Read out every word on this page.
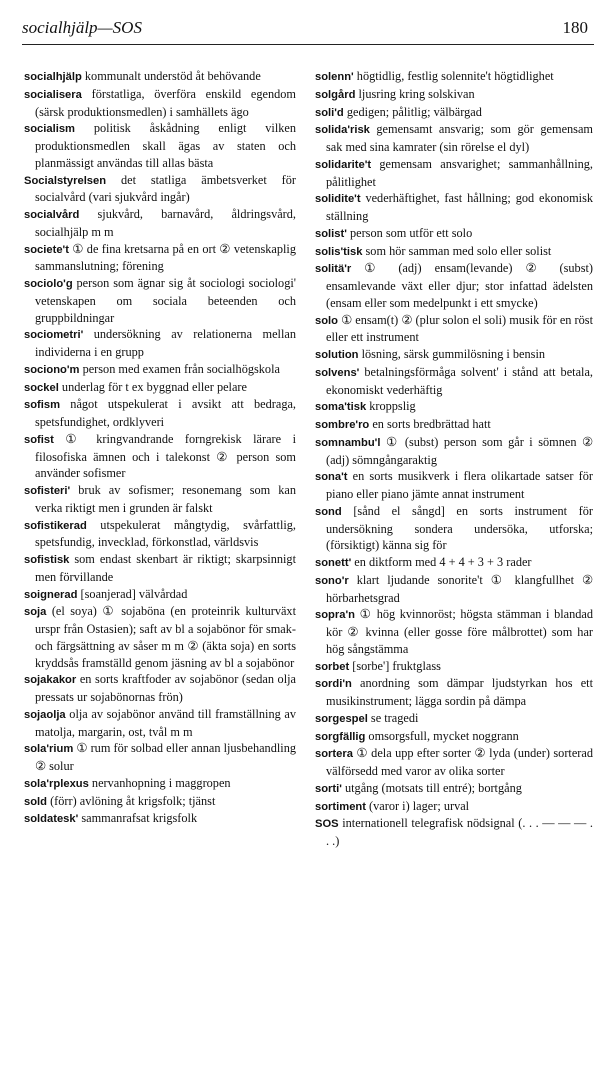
socialhjälp—SOS	180

socialhjälp kommunalt understöd åt behövande

socialisera förstatliga, överföra enskild egendom (särsk produktionsmedlen) i samhällets ägo

socialism politisk åskådning enligt vilken produktionsmedlen skall ägas av staten och planmässigt användas till allas bästa

Socialstyrelsen det statliga ämbetsverket för socialvård (vari sjukvård ingår)

socialvård sjukvård, barnavård, åldringsvård, socialhjälp m m

societe't ① de fina kretsarna på en ort ② vetenskaplig sammanslutning; förening

sociolo'g person som ägnar sig åt sociologi sociologi' vetenskapen om sociala beteenden och gruppbildningar

sociometri' undersökning av relationerna mellan individerna i en grupp

sociono'm person med examen från socialhögskola

sockel underlag för t ex byggnad eller pelare

sofism något utspekulerat i avsikt att bedraga, spetsfundighet, ordklyveri

sofist ① kringvandrande forngrekisk lärare i filosofiska ämnen och i talekonst ② person som använder sofismer

sofisteri' bruk av sofismer; resonemang som kan verka riktigt men i grunden är falskt

sofistikerad utspekulerat mångtydig, svårfattlig, spetsfundig, invecklad, förkonstlad, världsvis

sofistisk som endast skenbart är riktigt; skarpsinnigt men förvillande

soignerad [soanjerad] välvårdad

soja (el soya) ① sojaböna (en proteinrik kulturväxt urspr från Ostasien); saft av bl a sojabönor för smak- och färgsättning av såser m m ② (äkta soja) en sorts kryddsås framställd genom jäsning av bl a sojabönor

sojakakor en sorts kraftfoder av sojabönor (sedan olja pressats ur sojabönornas frön)

sojaolja olja av sojabönor använd till framställning av matolja, margarin, ost, tvål m m

sola'rium ① rum för solbad eller annan ljusbehandling ② solur

sola'rplexus nervanhopning i maggropen

sold (förr) avlöning åt krigsfolk; tjänst

soldatesk' sammanrafsat krigsfolk

solenn' högtidlig, festlig solennite't högtidlighet

solgård ljusring kring solskivan

soli'd gedigen; pålitlig; välbärgad

solida'risk gemensamt ansvarig; som gör gemensam sak med sina kamrater (sin rörelse el dyl)

solidarite't gemensam ansvarighet; sammanhållning, pålitlighet

solidite't vederhäftighet, fast hållning; god ekonomisk ställning

solist' person som utför ett solo

solis'tisk som hör samman med solo eller solist

solitä'r ① (adj) ensam(levande) ② (subst) ensamlevande växt eller djur; stor infattad ädelsten (ensam eller som medelpunkt i ett smycke)

solo ① ensam(t) ② (plur solon el soli) musik för en röst eller ett instrument

solution lösning, särsk gummilösning i bensin

solvens' betalningsförmåga solvent' i stånd att betala, ekonomiskt vederhäftig

soma'tisk kroppslig

sombre'ro en sorts bredbrättad hatt

somnambu'l ① (subst) person som går i sömnen ② (adj) sömngångaraktig

sona't en sorts musikverk i flera olikartade satser för piano eller piano jämte annat instrument

sond [sånd el sångd] en sorts instrument för undersökning sondera undersöka, utforska; (försiktigt) känna sig för

sonett' en diktform med 4 + 4 + 3 + 3 rader

sono'r klart ljudande sonorite't ① klangfullhet ② hörbarhetsgrad

sopra'n ① hög kvinnoröst; högsta stämman i blandad kör ② kvinna (eller gosse före målbrottet) som har hög sångstämma

sorbet [sorbe'] fruktglass

sordi'n anordning som dämpar ljudstyrkan hos ett musikinstrument; lägga sordin på dämpa

sorgespel se tragedi

sorgfällig omsorgsfull, mycket noggrann

sortera ① dela upp efter sorter ② lyda (under) sorterad välförsedd med varor av olika sorter

sorti' utgång (motsats till entré); bortgång

sortiment (varor i) lager; urval

SOS internationell telegrafisk nödsignal (. . . — — — . . .)
